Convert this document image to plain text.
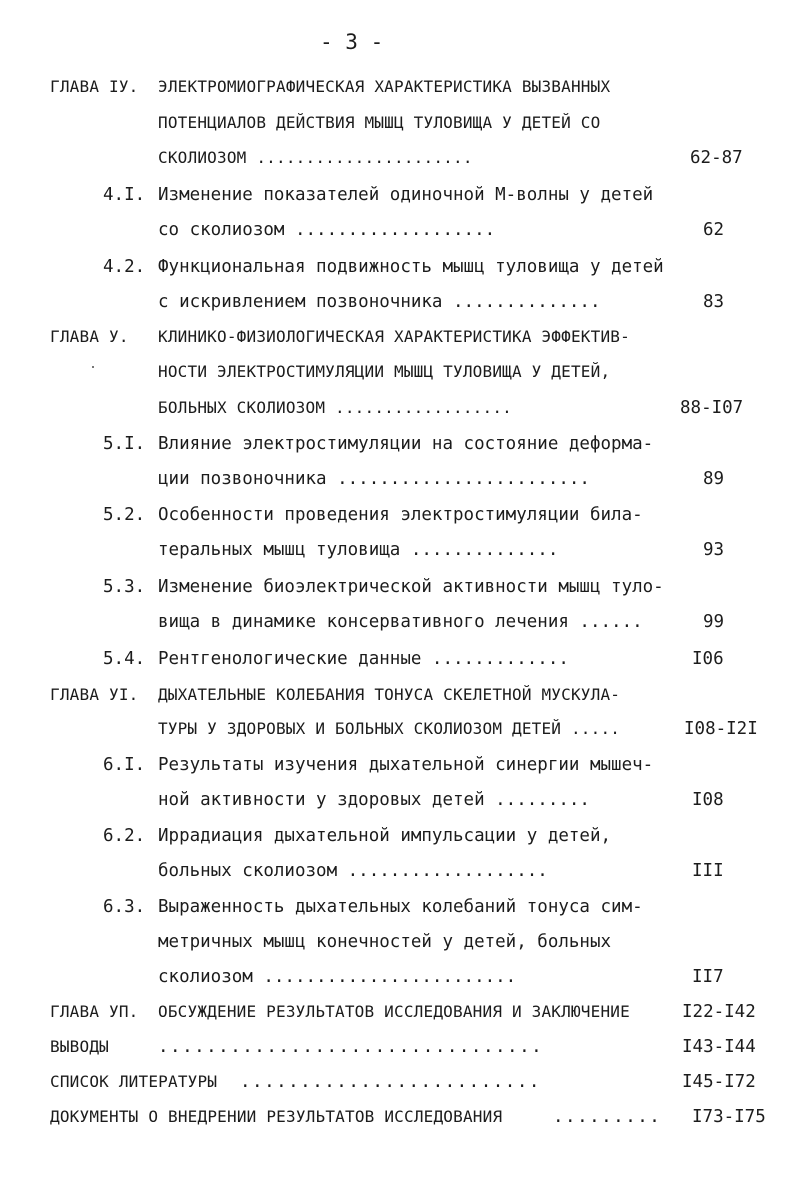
- 3 -
ГЛАВА IУ. ЭЛЕКТРОМИОГРАФИЧЕСКАЯ ХАРАКТЕРИСТИКА ВЫЗВАННЫХ
ПОТЕНЦИАЛОВ ДЕЙСТВИЯ МЫШЦ ТУЛОВИЩА У ДЕТЕЙ СО
СКОЛИОЗОМ ......................	62-87
4.I. Изменение показателей одиночной М-волны у детей
со сколиозом ...................	62
4.2. Функциональная подвижность мышц туловища у детей
с искривлением позвоночника ..............	83
ГЛАВА У. КЛИНИКО-ФИЗИОЛОГИЧЕСКАЯ ХАРАКТЕРИСТИКА ЭФФЕКТИВ-
НОСТИ ЭЛЕКТРОСТИМУЛЯЦИИ МЫШЦ ТУЛОВИЩА У ДЕТЕЙ,
БОЛЬНЫХ СКОЛИОЗОМ ..................	88-I07
5.I. Влияние электростимуляции на состояние деформа-
ции позвоночника ........................	89
5.2. Особенности проведения электростимуляции била-
теральных мышц туловища ..............	93
5.3. Изменение биоэлектрической активности мышц туло-
вища в динамике консервативного лечения ......	99
5.4. Рентгенологические данные .............	I06
ГЛАВА УI. ДЫХАТЕЛЬНЫЕ КОЛЕБАНИЯ ТОНУСА СКЕЛЕТНОЙ МУСКУЛА-
ТУРЫ У ЗДОРОВЫХ И БОЛЬНЫХ СКОЛИОЗОМ ДЕТЕЙ .....	I08-I2I
6.I. Результаты изучения дыхательной синергии мышеч-
ной активности у здоровых детей .........	I08
6.2. Иррадиация дыхательной импульсации у детей,
больных сколиозом ...................	III
6.3. Выраженность дыхательных колебаний тонуса сим-
метричных мышц конечностей у детей, больных
сколиозом ........................	II7
ГЛАВА УП. ОБСУЖДЕНИЕ РЕЗУЛЬТАТОВ ИССЛЕДОВАНИЯ И ЗАКЛЮЧЕНИЕ	I22-I42
ВЫВОДЫ	................................	I43-I44
СПИСОК ЛИТЕРАТУРЫ .........................	I45-I72
ДОКУМЕНТЫ О ВНЕДРЕНИИ РЕЗУЛЬТАТОВ ИССЛЕДОВАНИЯ	......... I73-I75
